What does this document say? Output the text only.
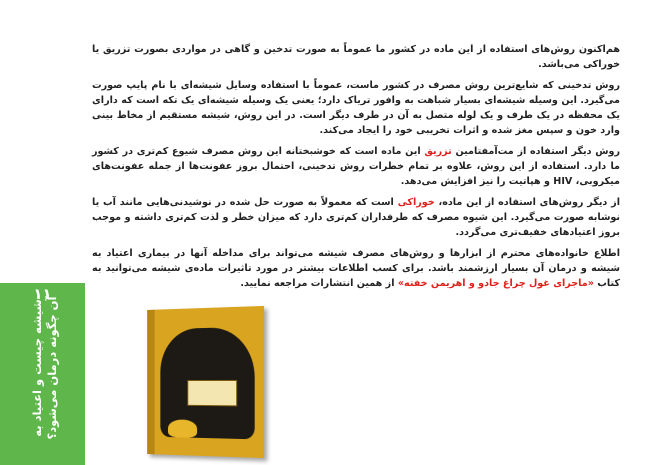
۱۱
شیشه چیست و اعتیاد به آن چگونه درمان می‌شود؟

هم‌اکنون روش‌های استفاده از این ماده در کشور ما عموماً به صورت تدخین و گاهی در مواردی بصورت تزریق یا خوراکی می‌باشد.

روش تدخینی که شایع‌ترین روش مصرف در کشور ماست، عموماً با استفاده وسایل شیشه‌ای با نام پایپ صورت می‌گیرد. این وسیله شیشه‌ای بسیار شباهت به وافور تریاک دارد؛ یعنی یک وسیله شیشه‌ای یک تکه است که دارای یک محفظه در یک طرف و یک لوله متصل به آن در طرف دیگر است. در این روش، شیشه مستقیم از مخاط بینی وارد خون و سپس مغز شده و اثرات تخریبی خود را ایجاد می‌کند.

روش دیگر استفاده از مت‌آمفتامین تزریق این ماده است که خوشبختانه این روش مصرف شیوع کم‌تری در کشور ما دارد. استفاده از این روش، علاوه بر تمام خطرات روش تدخینی، احتمال بروز عفونت‌ها از جمله عفونت‌های میکروبی، HIV و هپاتیت را نیز افزایش می‌دهد.

از دیگر روش‌های استفاده از این ماده، خوراکی است که معمولاً به صورت حل شده در نوشیدنی‌هایی مانند آب یا نوشابه صورت می‌گیرد. این شیوه مصرف که طرفداران کم‌تری دارد که میزان خطر و لذت کم‌تری داشته و موجب بروز اعتیادهای خفیف‌تری می‌گردد.

اطلاع خانواده‌های محترم از ابزارها و روش‌های مصرف شیشه می‌تواند برای مداخله آنها در بیماری اعتیاد به شیشه و درمان آن بسیار ارزشمند باشد. برای کسب اطلاعات بیشتر در مورد تاثیرات ماده‌ی شیشه می‌توانید به کتاب «ماجرای غول چراغ جادو و اهریمن خفته» از همین انتشارات مراجعه نمایید.
